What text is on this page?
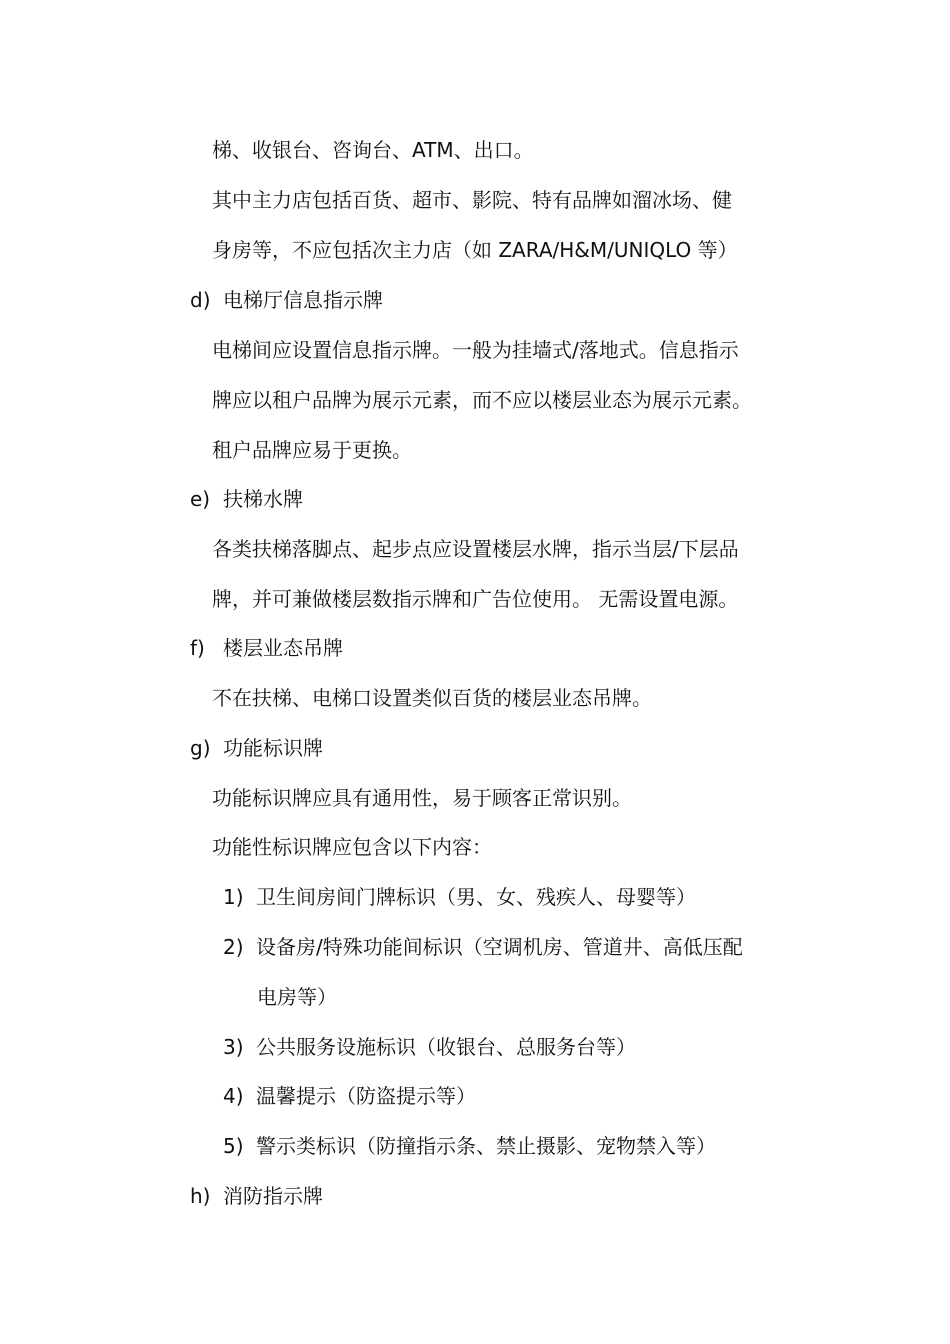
梯、收银台、咨询台、ATM、出口。
其中主力店包括百货、超市、影院、特有品牌如溜冰场、健
身房等，不应包括次主力店（如 ZARA/H&M/UNIQLO 等）
d) 电梯厅信息指示牌
电梯间应设置信息指示牌。一般为挂墙式/落地式。信息指示
牌应以租户品牌为展示元素，而不应以楼层业态为展示元素。
租户品牌应易于更换。
e) 扶梯水牌
各类扶梯落脚点、起步点应设置楼层水牌，指示当层/下层品
牌，并可兼做楼层数指示牌和广告位使用。 无需设置电源。
f) 楼层业态吊牌
不在扶梯、电梯口设置类似百货的楼层业态吊牌。
g) 功能标识牌
功能标识牌应具有通用性，易于顾客正常识别。
功能性标识牌应包含以下内容：
1) 卫生间房间门牌标识（男、女、残疾人、母婴等）
2) 设备房/特殊功能间标识（空调机房、管道井、高低压配
电房等）
3) 公共服务设施标识（收银台、总服务台等）
4) 温馨提示（防盗提示等）
5) 警示类标识（防撞指示条、禁止摄影、宠物禁入等）
h) 消防指示牌
